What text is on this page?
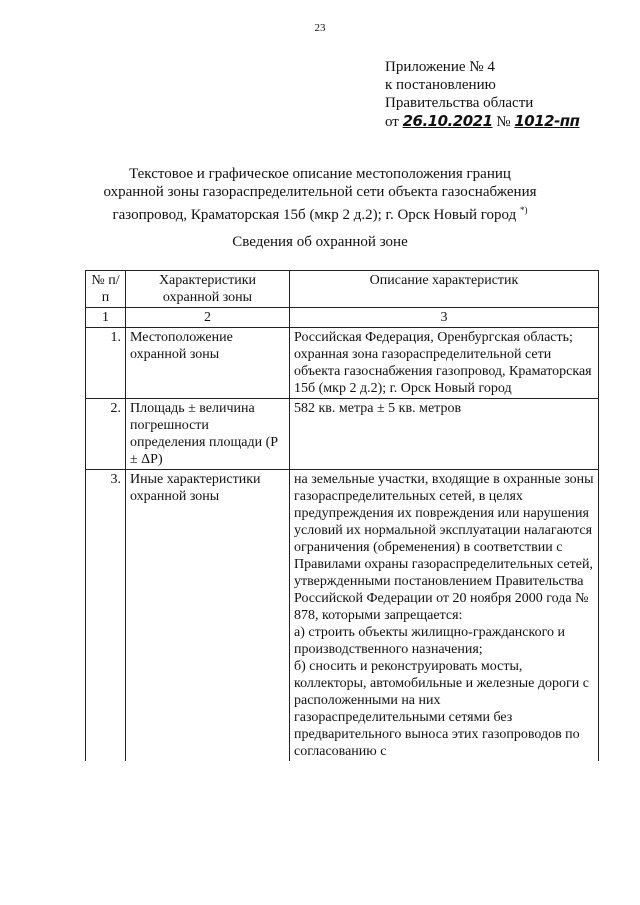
23
Приложение № 4
к постановлению
Правительства области
от 26.10.2021 № 1012-пп
Текстовое и графическое описание местоположения границ
охранной зоны газораспределительной сети объекта газоснабжения
газопровод, Краматорская 15б (мкр 2 д.2); г. Орск Новый город *)
Сведения об охранной зоне
№ п/п	Характеристики охранной зоны	Описание характеристик
1	2	3
1.	Местоположение охранной зоны	Российская Федерация, Оренбургская область; охранная зона газораспределительной сети объекта газоснабжения газопровод, Краматорская 15б (мкр 2 д.2); г. Орск Новый город
2.	Площадь ± величина погрешности определения площади (P ± ΔP)	582 кв. метра ± 5 кв. метров
3.	Иные характеристики охранной зоны	на земельные участки, входящие в охранные зоны газораспределительных сетей, в целях предупреждения их повреждения или нарушения условий их нормальной эксплуатации налагаются ограничения (обременения) в соответствии с Правилами охраны газораспределительных сетей, утвержденными постановлением Правительства Российской Федерации от 20 ноября 2000 года № 878, которыми запрещается:
а) строить объекты жилищно-гражданского и производственного назначения;
б) сносить и реконструировать мосты, коллекторы, автомобильные и железные дороги с расположенными на них газораспределительными сетями без предварительного выноса этих газопроводов по согласованию с
